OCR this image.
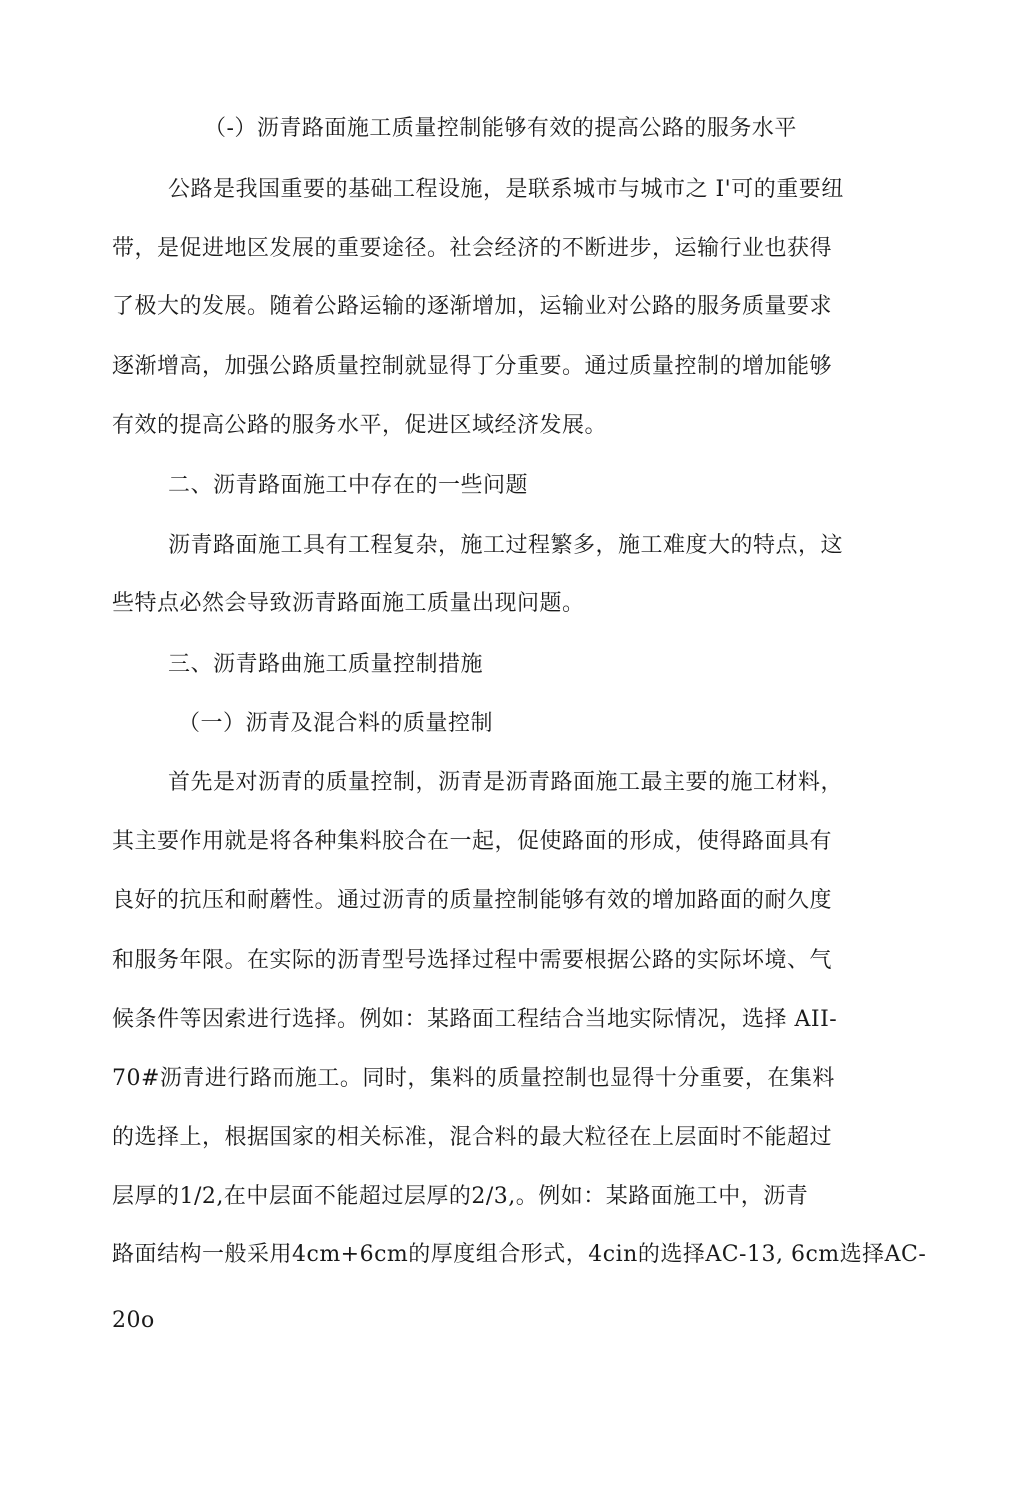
（-）沥青路面施工质量控制能够有效的提高公路的服务水平
公路是我国重要的基础工程设施，是联系城市与城市之 I'可的重要纽
带，是促进地区发展的重要途径。社会经济的不断进步，运输行业也获得
了极大的发展。随着公路运输的逐渐增加，运输业对公路的服务质量要求
逐渐增高，加强公路质量控制就显得丁分重要。通过质量控制的增加能够
有效的提高公路的服务水平，促进区域经济发展。
二、沥青路面施工中存在的一些问题
沥青路面施工具有工程复杂，施工过程繁多，施工难度大的特点，这
些特点必然会导致沥青路面施工质量出现问题。
三、沥青路曲施工质量控制措施
（一）沥青及混合料的质量控制
首先是对沥青的质量控制，沥青是沥青路面施工最主要的施工材料，
其主要作用就是将各种集料胶合在一起，促使路面的形成，使得路面具有
良好的抗压和耐蘑性。通过沥青的质量控制能够有效的增加路面的耐久度
和服务年限。在实际的沥青型号选择过程中需要根据公路的实际坏境、气
候条件等因索进行选择。例如：某路面工程结合当地实际情况，选择 AII-
70#沥青进行路而施工。同时，集料的质量控制也显得十分重要，在集料
的选择上，根据国家的相关标准，混合料的最大粒径在上层面时不能超过
层厚的1/2,在中层面不能超过层厚的2/3,。例如：某路面施工中，沥青
路面结构一般采用4cm+6cm的厚度组合形式，4cin的选择AC-13, 6cm选择 AC-
20o
